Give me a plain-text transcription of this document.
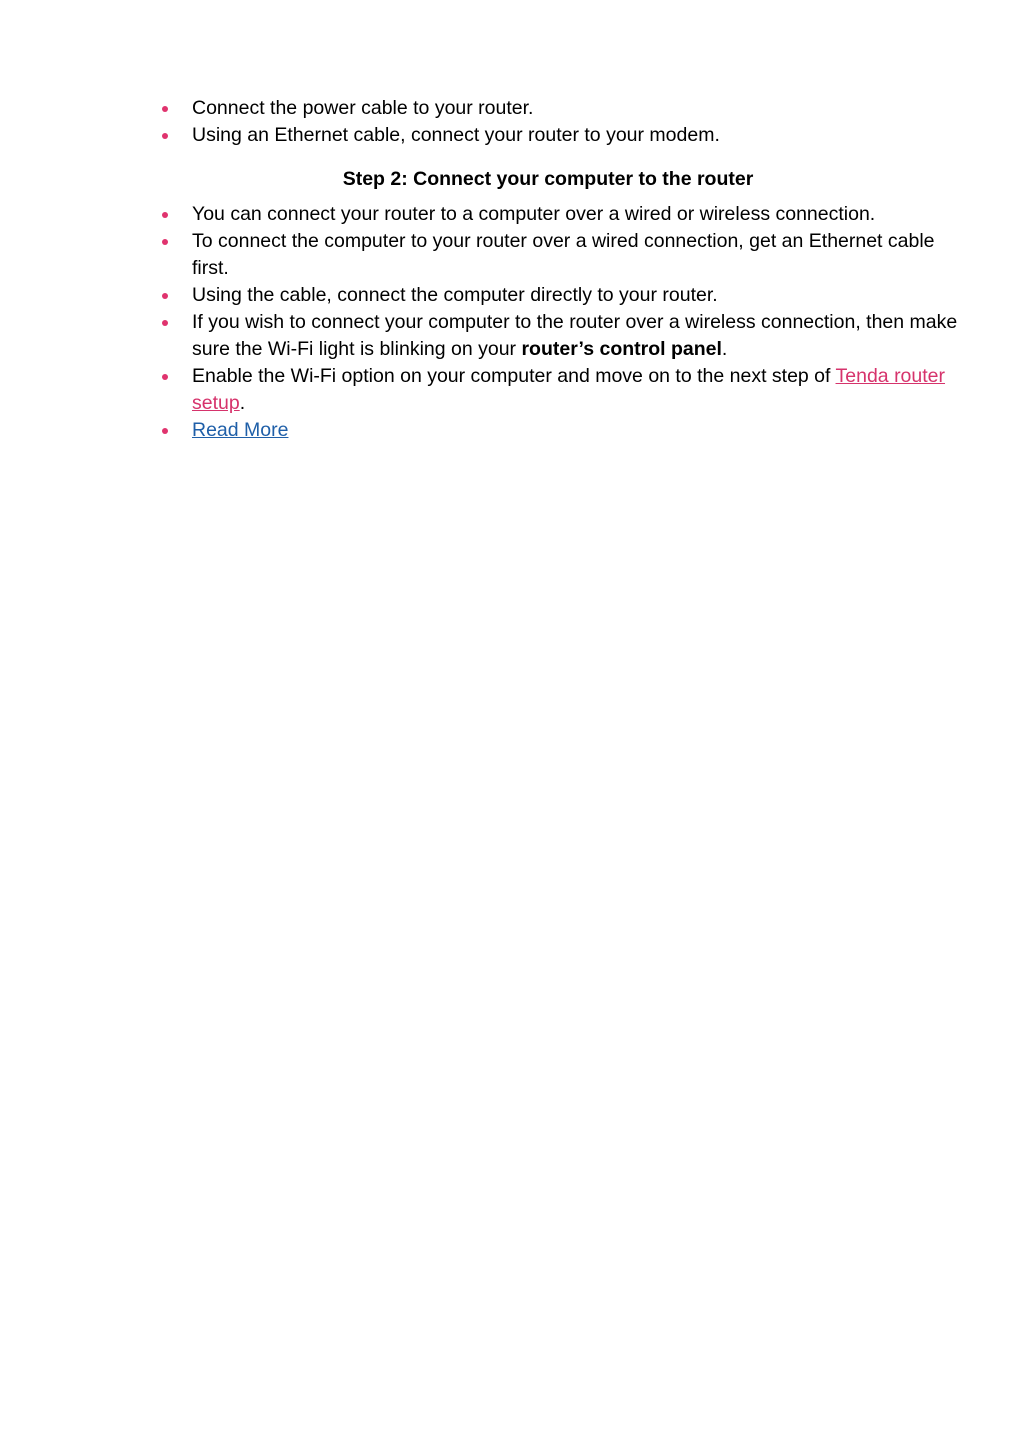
Connect the power cable to your router.
Using an Ethernet cable, connect your router to your modem.
Step 2: Connect your computer to the router
You can connect your router to a computer over a wired or wireless connection.
To connect the computer to your router over a wired connection, get an Ethernet cable first.
Using the cable, connect the computer directly to your router.
If you wish to connect your computer to the router over a wireless connection, then make sure the Wi-Fi light is blinking on your router’s control panel.
Enable the Wi-Fi option on your computer and move on to the next step of Tenda router setup.
Read More
